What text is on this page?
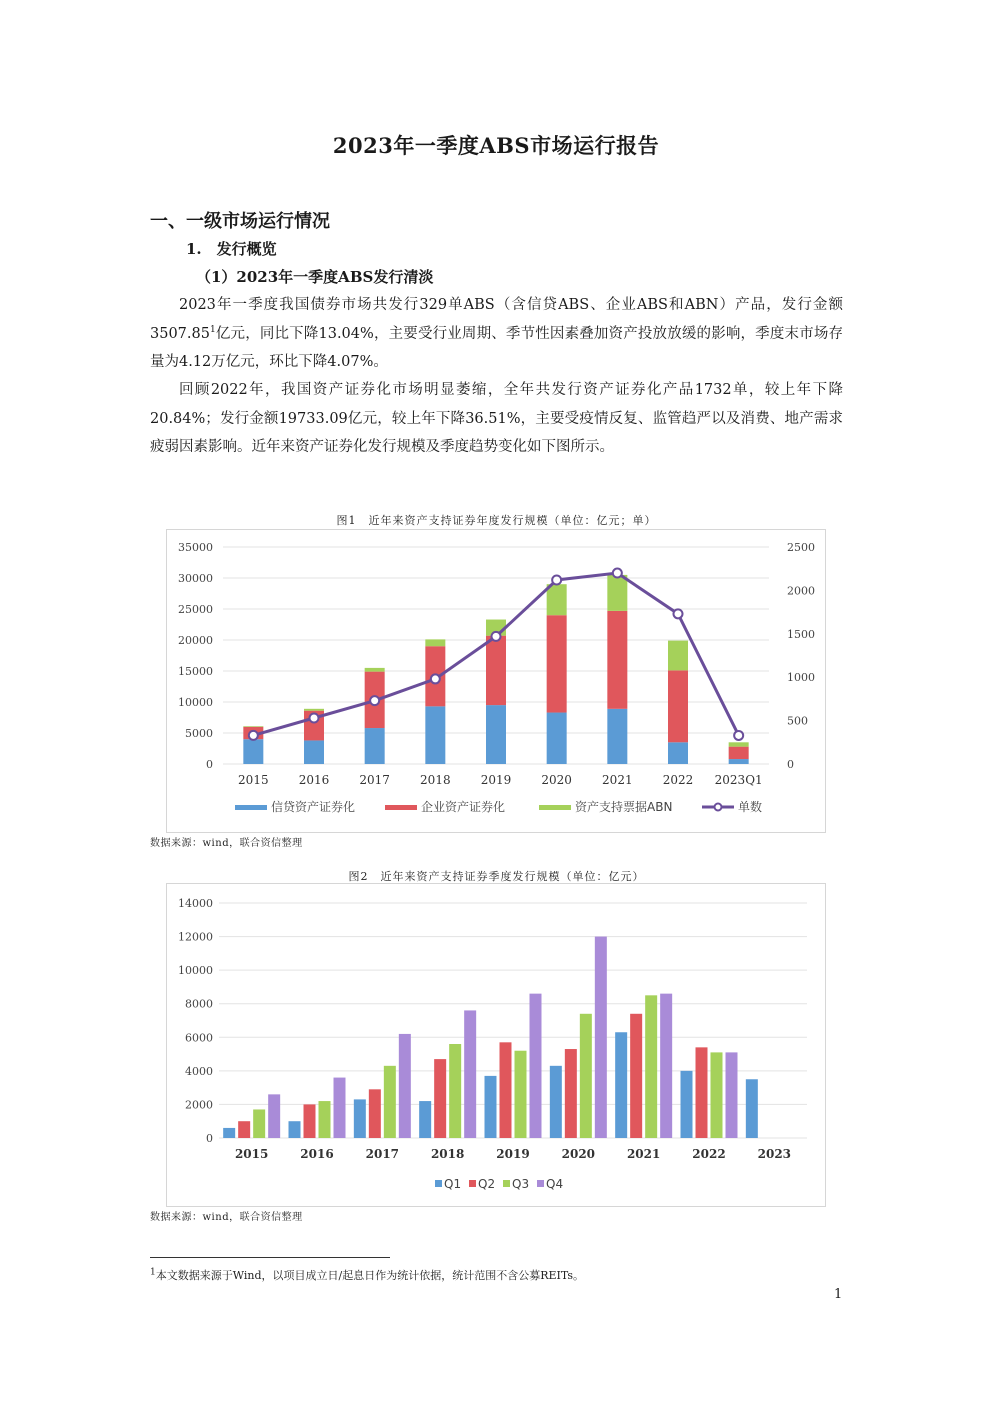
2023年一季度ABS市场运行报告
一、一级市场运行情况
1.　发行概览
（1）2023年一季度ABS发行清淡

2023年一季度我国债券市场共发行329单ABS（含信贷ABS、企业ABS和ABN）产品，发行金额3507.85$^1$亿元，同比下降13.04%，主要受行业周期、季节性因素叠加资产投放放缓的影响，季度末市场存量为4.12万亿元，环比下降4.07%。

回顾2022年，我国资产证券化市场明显萎缩，全年共发行资产证券化产品1732单，较上年下降20.84%；发行金额19733.09亿元，较上年下降36.51%，主要受疫情反复、监管趋严以及消费、地产需求疲弱因素影响。近年来资产证券化发行规模及季度趋势变化如下图所示。

图1　近年来资产支持证券年度发行规模（单位：亿元；单）
0
5000
10000
15000
20000
25000
30000
35000
0
500
1000
1500
2000
2500
2015	2016	2017	2018	2019	2020	2021	2022 2023Q1
信贷资产证券化	企业资产证券化	资产支持票据ABN	单数
数据来源：wind，联合资信整理
图2　近年来资产支持证券季度发行规模（单位：亿元）
0
2000
4000
6000
8000
10000
12000
14000
2015	2016	2017	2018	2019	2020	2021	2022	2023
Q1 Q2 Q3 Q4
数据来源：wind，联合资信整理
$^1$本文数据来源于Wind，以项目成立日/起息日作为统计依据，统计范围不含公募REITs。
1
